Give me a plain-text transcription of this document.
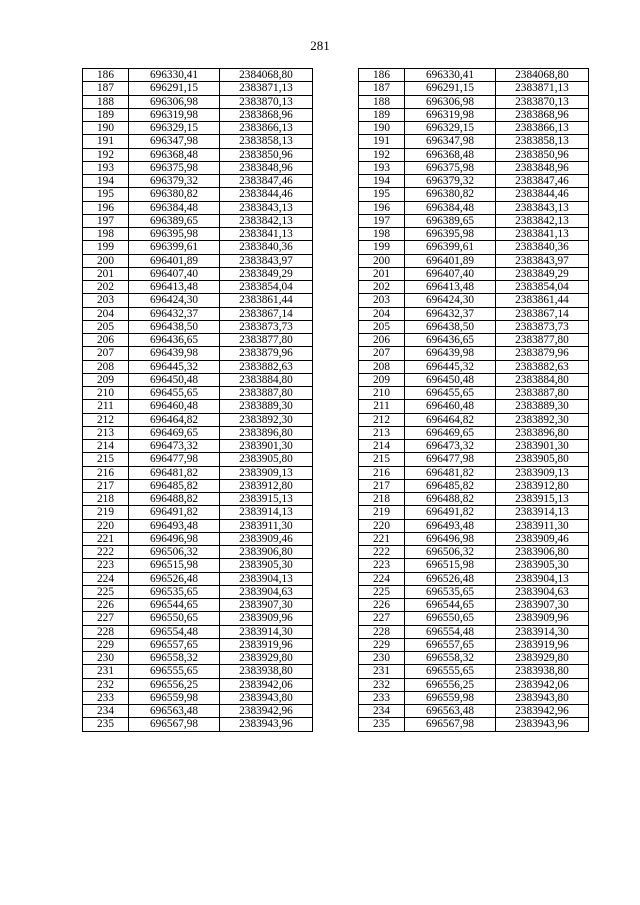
281
186	696330,41	2384068,80		186	696330,41	2384068,80
187	696291,15	2383871,13		187	696291,15	2383871,13
188	696306,98	2383870,13		188	696306,98	2383870,13
189	696319,98	2383868,96		189	696319,98	2383868,96
190	696329,15	2383866,13		190	696329,15	2383866,13
191	696347,98	2383858,13		191	696347,98	2383858,13
192	696368,48	2383850,96		192	696368,48	2383850,96
193	696375,98	2383848,96		193	696375,98	2383848,96
194	696379,32	2383847,46		194	696379,32	2383847,46
195	696380,82	2383844,46		195	696380,82	2383844,46
196	696384,48	2383843,13		196	696384,48	2383843,13
197	696389,65	2383842,13		197	696389,65	2383842,13
198	696395,98	2383841,13		198	696395,98	2383841,13
199	696399,61	2383840,36		199	696399,61	2383840,36
200	696401,89	2383843,97		200	696401,89	2383843,97
201	696407,40	2383849,29		201	696407,40	2383849,29
202	696413,48	2383854,04		202	696413,48	2383854,04
203	696424,30	2383861,44		203	696424,30	2383861,44
204	696432,37	2383867,14		204	696432,37	2383867,14
205	696438,50	2383873,73		205	696438,50	2383873,73
206	696436,65	2383877,80		206	696436,65	2383877,80
207	696439,98	2383879,96		207	696439,98	2383879,96
208	696445,32	2383882,63		208	696445,32	2383882,63
209	696450,48	2383884,80		209	696450,48	2383884,80
210	696455,65	2383887,80		210	696455,65	2383887,80
211	696460,48	2383889,30		211	696460,48	2383889,30
212	696464,82	2383892,30		212	696464,82	2383892,30
213	696469,65	2383896,80		213	696469,65	2383896,80
214	696473,32	2383901,30		214	696473,32	2383901,30
215	696477,98	2383905,80		215	696477,98	2383905,80
216	696481,82	2383909,13		216	696481,82	2383909,13
217	696485,82	2383912,80		217	696485,82	2383912,80
218	696488,82	2383915,13		218	696488,82	2383915,13
219	696491,82	2383914,13		219	696491,82	2383914,13
220	696493,48	2383911,30		220	696493,48	2383911,30
221	696496,98	2383909,46		221	696496,98	2383909,46
222	696506,32	2383906,80		222	696506,32	2383906,80
223	696515,98	2383905,30		223	696515,98	2383905,30
224	696526,48	2383904,13		224	696526,48	2383904,13
225	696535,65	2383904,63		225	696535,65	2383904,63
226	696544,65	2383907,30		226	696544,65	2383907,30
227	696550,65	2383909,96		227	696550,65	2383909,96
228	696554,48	2383914,30		228	696554,48	2383914,30
229	696557,65	2383919,96		229	696557,65	2383919,96
230	696558,32	2383929,80		230	696558,32	2383929,80
231	696555,65	2383938,80		231	696555,65	2383938,80
232	696556,25	2383942,06		232	696556,25	2383942,06
233	696559,98	2383943,80		233	696559,98	2383943,80
234	696563,48	2383942,96		234	696563,48	2383942,96
235	696567,98	2383943,96		235	696567,98	2383943,96
